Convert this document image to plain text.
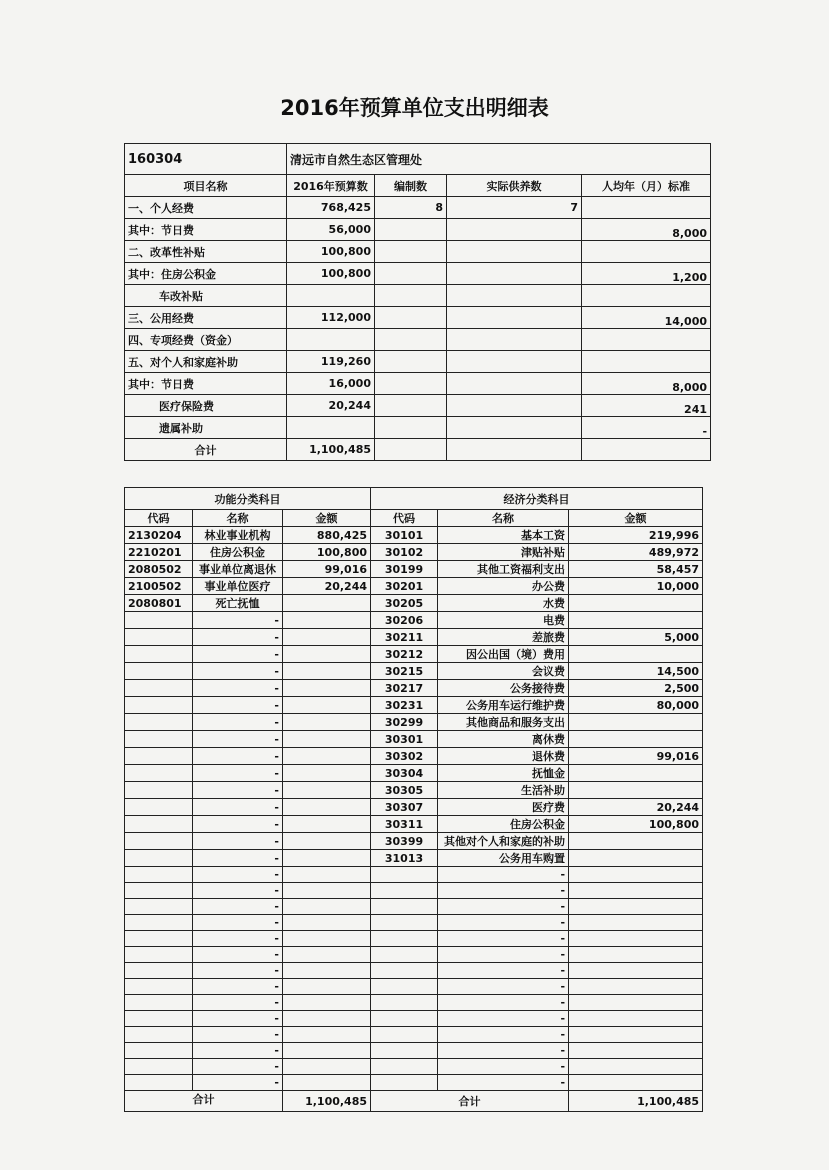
2016年预算单位支出明细表
160304	清远市自然生态区管理处			
项目名称	2016年预算数	编制数	实际供养数	人均年（月）标准
一、个人经费	768,425	8	7	
其中：节日费	56,000			8,000
二、改革性补贴	100,800			
其中：住房公积金	100,800			1,200
车改补贴				
三、公用经费	112,000			14,000
四、专项经费（资金）				
五、对个人和家庭补助	119,260			
其中：节日费	16,000			8,000
医疗保险费	20,244			241
遗属补助				-
合计	1,100,485			
功能分类科目			经济分类科目		
代码	名称	金额	代码	名称	金额
2130204	林业事业机构	880,425	30101	基本工资	219,996
2210201	住房公积金	100,800	30102	津贴补贴	489,972
2080502	事业单位离退休	99,016	30199	其他工资福利支出	58,457
2100502	事业单位医疗	20,244	30201	办公费	10,000
2080801	死亡抚恤		30205	水费	
	-		30206	电费	
	-		30211	差旅费	5,000
	-		30212	因公出国（境）费用	
	-		30215	会议费	14,500
	-		30217	公务接待费	2,500
	-		30231	公务用车运行维护费	80,000
	-		30299	其他商品和服务支出	
	-		30301	离休费	
	-		30302	退休费	99,016
	-		30304	抚恤金	
	-		30305	生活补助	
	-		30307	医疗费	20,244
	-		30311	住房公积金	100,800
	-		30399	其他对个人和家庭的补助	
	-		31013	公务用车购置	
	-			-	
	-			-	
	-			-	
	-			-	
	-			-	
	-			-	
	-			-	
	-			-	
	-			-	
	-			-	
	-			-	
	-			-	
	-			-	
	-			-	
合计		1,100,485	合计		1,100,485
